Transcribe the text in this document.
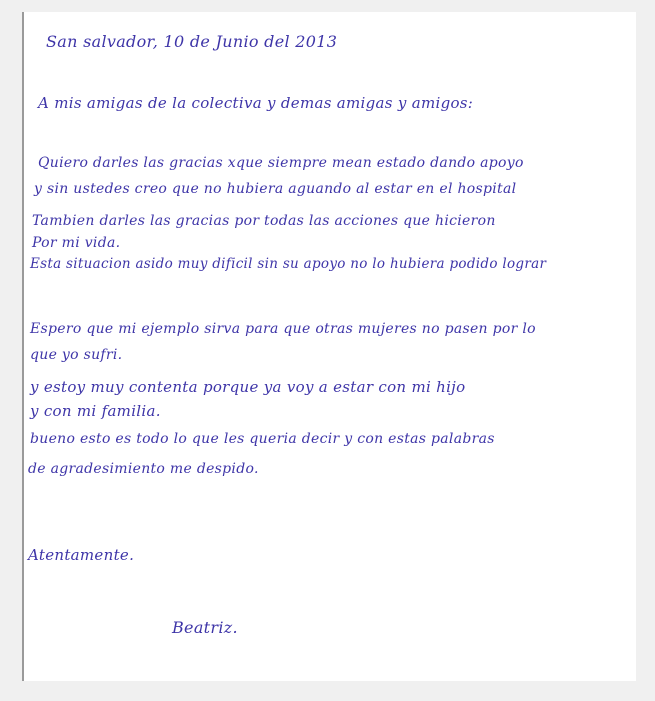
San salvador, 10 de Junio del 2013
A mis amigas de la colectiva y demas amigas y amigos:
Quiero darles las gracias xque siempre mean estado dando apoyo
y sin ustedes creo que no hubiera aguando al estar en el hospital
Tambien darles las gracias por todas las acciones que hicieron
Por mi vida.
Esta situacion asido muy dificil sin su apoyo no lo hubiera podido lograr
Espero que mi ejemplo sirva para que otras mujeres no pasen por lo
que yo sufri.
y estoy muy contenta porque ya voy a estar con mi hijo
y con mi familia.
bueno esto es todo lo que les queria decir y con estas palabras
de agradesimiento me despido.
Atentamente.
Beatriz.
